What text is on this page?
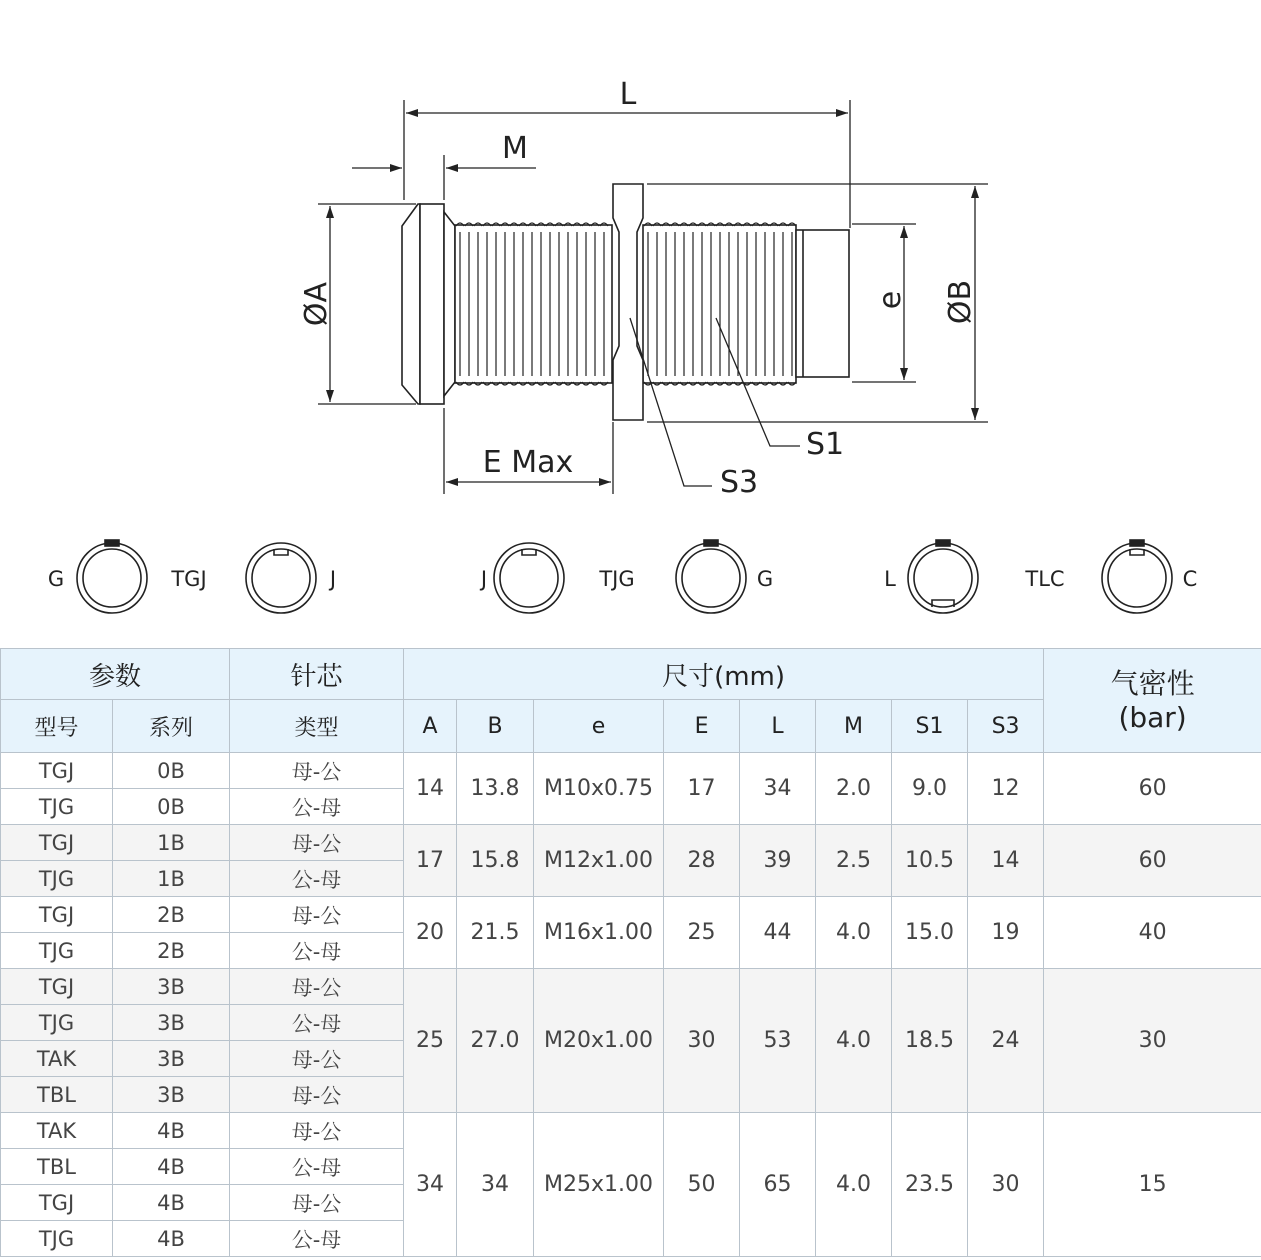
L
M
ØA	e ØB
S1
S3
E Max
G	TGJ	J	J	TJG	G	L	TLC	C
参数		针芯	尺寸(mm)								气密性
(bar)

型号	系列	类型	A	B	e	E	L	M	S1	S3	
TGJ	0B	母-公	14	13.8	M10x0.75	17	34	2.0	9.0	12	60
TJG	0B	公-母									
TGJ	1B	母-公	17	15.8	M12x1.00	28	39	2.5	10.5	14	60
TJG	1B	公-母									
TGJ	2B	母-公	20	21.5	M16x1.00	25	44	4.0	15.0	19	40
TJG	2B	公-母									
TGJ	3B	母-公	25	27.0	M20x1.00	30	53	4.0	18.5	24	30
TJG	3B	公-母									
TAK	3B	母-公									
TBL	3B	母-公									
TAK	4B	母-公	34	34	M25x1.00	50	65	4.0	23.5	30	15
TBL	4B	公-母									
TGJ	4B	母-公									
TJG	4B	公-母									
